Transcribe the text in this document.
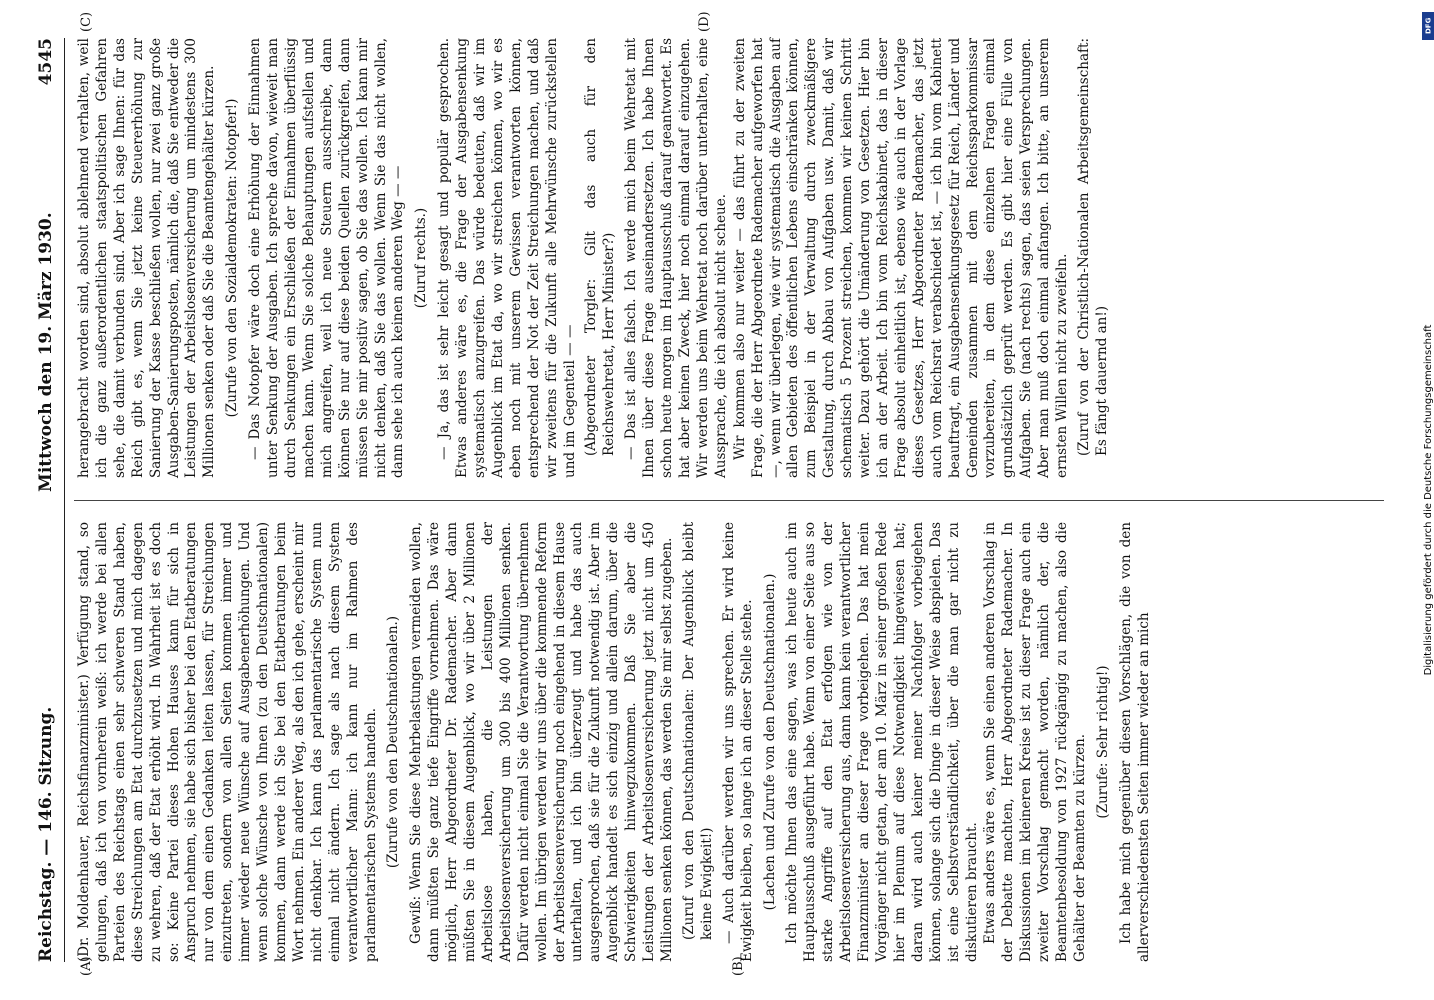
Reichstag. — 146. Sitzung.
Mittwoch den 19. März 1930.
4545
(A)	(B)

(Dr. Moldenhauer, Reichsfinanzminister.) Verfügung stand, so gelungen, daß ich von vornherein weiß: ich werde bei allen Parteien des Reichstags einen sehr schweren Stand haben, diese Streichungen am Etat durchzusetzen und mich dagegen zu wehren, daß der Etat erhöht wird. In Wahrheit ist es doch so: Keine Partei dieses Hohen Hauses kann für sich in Anspruch nehmen, sie habe sich bisher bei den Etatberatungen nur von dem einen Gedanken leiten lassen, für Streichungen einzutreten, sondern von allen Seiten kommen immer und immer wieder neue Wünsche auf Ausgabenerhöhungen. Und wenn solche Wünsche von Ihnen (zu den Deutschnationalen) kommen, dann werde ich Sie bei den Etatberatungen beim Wort nehmen. Ein anderer Weg, als den ich gehe, erscheint mir nicht denkbar. Ich kann das parlamentarische System nun einmal nicht ändern. Ich sage als nach diesem System verantwortlicher Mann: ich kann nur im Rahmen des parlamentarischen Systems handeln. (Zurufe von den Deutschnationalen.) Gewiß: Wenn Sie diese Mehrbelastungen vermeiden wollen, dann müßten Sie ganz tiefe Eingriffe vornehmen. Das wäre möglich, Herr Abgeordneter Dr. Rademacher. Aber dann müßten Sie in diesem Augenblick, wo wir über 2 Millionen Arbeitslose haben, die Leistungen der Arbeitslosenversicherung um 300 bis 400 Millionen senken. Dafür werden nicht einmal Sie die Verantwortung übernehmen wollen. Im übrigen werden wir uns über die kommende Reform der Arbeitslosenversicherung noch eingehend in diesem Hause unterhalten, und ich bin überzeugt und habe das auch ausgesprochen, daß sie für die Zukunft notwendig ist. Aber im Augenblick handelt es sich einzig und allein darum, über die Schwierigkeiten hinwegzukommen. Daß Sie aber die Leistungen der Arbeitslosenversicherung jetzt nicht um 450 Millionen senken können, das werden Sie mir selbst zugeben. (Zuruf von den Deutschnationalen: Der Augenblick bleibt keine Ewigkeit!) — Auch darüber werden wir uns sprechen. Er wird keine Ewigkeit bleiben, so lange ich an dieser Stelle stehe. (Lachen und Zurufe von den Deutschnationalen.) Ich möchte Ihnen das eine sagen, was ich heute auch im Hauptausschuß ausgeführt habe. Wenn von einer Seite aus so starke Angriffe auf den Etat erfolgen wie von der Arbeitslosenversicherung aus, dann kann kein verantwortlicher Finanzminister an dieser Frage vorbeigehen. Das hat mein Vorgänger nicht getan, der am 10. März in seiner großen Rede hier im Plenum auf diese Notwendigkeit hingewiesen hat; daran wird auch keiner meiner Nachfolger vorbeigehen können, solange sich die Dinge in dieser Weise abspielen. Das ist eine Selbstverständlichkeit, über die man gar nicht zu diskutieren braucht. Etwas anders wäre es, wenn Sie einen anderen Vorschlag in der Debatte machten, Herr Abgeordneter Rademacher. In Diskussionen im kleineren Kreise ist zu dieser Frage auch ein zweiter Vorschlag gemacht worden, nämlich der, die Beamtenbesoldung von 1927 rückgängig zu machen, also die Gehälter der Beamten zu kürzen. (Zurufe: Sehr richtig!) Ich habe mich gegenüber diesen Vorschlägen, die von den allerverschiedensten Seiten immer wieder an mich

(C)	(D)

herangebracht worden sind, absolut ablehnend verhalten, weil ich die ganz außerordentlichen staatspolitischen Gefahren sehe, die damit verbunden sind. Aber ich sage Ihnen: für das Reich gibt es, wenn Sie jetzt keine Steuererhöhung zur Sanierung der Kasse beschließen wollen, nur zwei ganz große Ausgaben-Sanierungsposten, nämlich die, daß Sie entweder die Leistungen der Arbeitslosenversicherung um mindestens 300 Millionen senken oder daß Sie die Beamtengehälter kürzen. (Zurufe von den Sozialdemokraten: Notopfer!) — Das Notopfer wäre doch eine Erhöhung der Einnahmen unter Senkung der Ausgaben. Ich spreche davon, wieweit man durch Senkungen ein Erschließen der Einnahmen überflüssig machen kann. Wenn Sie solche Behauptungen aufstellen und mich angreifen, weil ich neue Steuern ausschreibe, dann können Sie nur auf diese beiden Quellen zurückgreifen, dann müssen Sie mir positiv sagen, ob Sie das wollen. Ich kann mir nicht denken, daß Sie das wollen. Wenn Sie das nicht wollen, dann sehe ich auch keinen anderen Weg — — (Zuruf rechts.) — Ja, das ist sehr leicht gesagt und populär gesprochen. Etwas anderes wäre es, die Frage der Ausgabensenkung systematisch anzugreifen. Das würde bedeuten, daß wir im Augenblick im Etat da, wo wir streichen können, wo wir es eben noch mit unserem Gewissen verantworten können, entsprechend der Not der Zeit Streichungen machen, und daß wir zweitens für die Zukunft alle Mehrwünsche zurückstellen und im Gegenteil — — (Abgeordneter Torgler: Gilt das auch für den Reichswehretat, Herr Minister?) — Das ist alles falsch. Ich werde mich beim Wehretat mit Ihnen über diese Frage auseinandersetzen. Ich habe Ihnen schon heute morgen im Hauptausschuß darauf geantwortet. Es hat aber keinen Zweck, hier noch einmal darauf einzugehen. Wir werden uns beim Wehretat noch darüber unterhalten, eine Aussprache, die ich absolut nicht scheue. Wir kommen also nur weiter — das führt zu der zweiten Frage, die der Herr Abgeordnete Rademacher aufgeworfen hat —, wenn wir überlegen, wie wir systematisch die Ausgaben auf allen Gebieten des öffentlichen Lebens einschränken können, zum Beispiel in der Verwaltung durch zweckmäßigere Gestaltung, durch Abbau von Aufgaben usw. Damit, daß wir schematisch 5 Prozent streichen, kommen wir keinen Schritt weiter. Dazu gehört die Umänderung von Gesetzen. Hier bin ich an der Arbeit. Ich bin vom Reichskabinett, das in dieser Frage absolut einheitlich ist, ebenso wie auch in der Vorlage dieses Gesetzes, Herr Abgeordneter Rademacher, das jetzt auch vom Reichsrat verabschiedet ist, — ich bin vom Kabinett beauftragt, ein Ausgabensenkungsgesetz für Reich, Länder und Gemeinden zusammen mit dem Reichssparkommissar vorzubereiten, in dem diese einzelnen Fragen einmal grundsätzlich geprüft werden. Es gibt hier eine Fülle von Aufgaben. Sie (nach rechts) sagen, das seien Versprechungen. Aber man muß doch einmal anfangen. Ich bitte, an unserem ernsten Willen nicht zu zweifeln. (Zuruf von der Christlich-Nationalen Arbeitsgemeinschaft: Es fängt dauernd an!)

DFG
Digitalisierung gefördert durch die Deutsche Forschungsgemeinschaft
